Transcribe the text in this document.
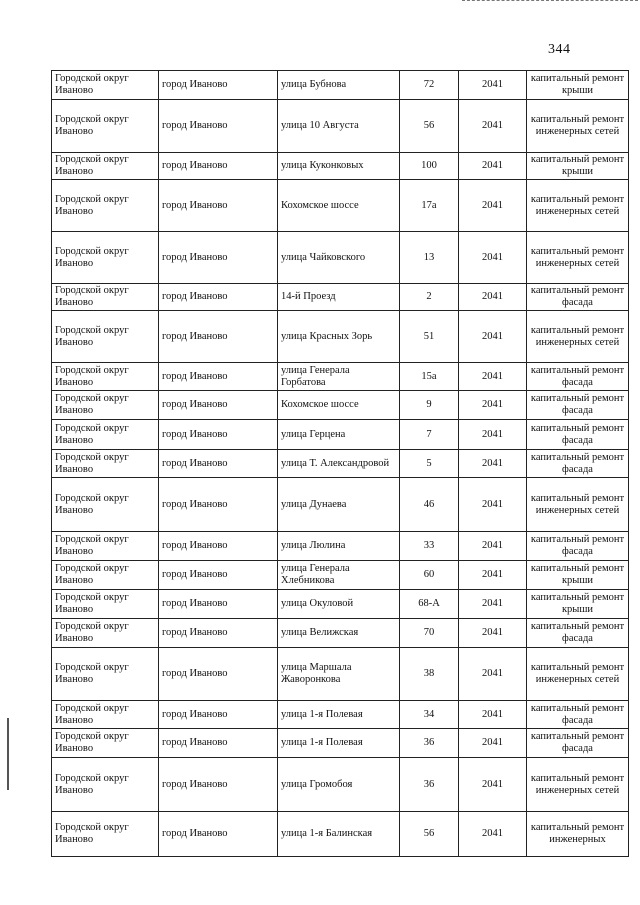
344
Городской округ Иваново	город Иваново	улица Бубнова	72	2041	капитальный ремонт крыши
Городской округ Иваново	город Иваново	улица 10 Августа	56	2041	капитальный ремонт инженерных сетей
Городской округ Иваново	город Иваново	улица Куконковых	100	2041	капитальный ремонт крыши
Городской округ Иваново	город Иваново	Кохомское шоссе	17а	2041	капитальный ремонт инженерных сетей
Городской округ Иваново	город Иваново	улица Чайковского	13	2041	капитальный ремонт инженерных сетей
Городской округ Иваново	город Иваново	14-й Проезд	2	2041	капитальный ремонт фасада
Городской округ Иваново	город Иваново	улица Красных Зорь	51	2041	капитальный ремонт инженерных сетей
Городской округ Иваново	город Иваново	улица Генерала Горбатова	15а	2041	капитальный ремонт фасада
Городской округ Иваново	город Иваново	Кохомское шоссе	9	2041	капитальный ремонт фасада
Городской округ Иваново	город Иваново	улица Герцена	7	2041	капитальный ремонт фасада
Городской округ Иваново	город Иваново	улица Т. Александровой	5	2041	капитальный ремонт фасада
Городской округ Иваново	город Иваново	улица Дунаева	46	2041	капитальный ремонт инженерных сетей
Городской округ Иваново	город Иваново	улица Люлина	33	2041	капитальный ремонт фасада
Городской округ Иваново	город Иваново	улица Генерала Хлебникова	60	2041	капитальный ремонт крыши
Городской округ Иваново	город Иваново	улица Окуловой	68-А	2041	капитальный ремонт крыши
Городской округ Иваново	город Иваново	улица Велижская	70	2041	капитальный ремонт фасада
Городской округ Иваново	город Иваново	улица Маршала Жаворонкова	38	2041	капитальный ремонт инженерных сетей
Городской округ Иваново	город Иваново	улица 1-я Полевая	34	2041	капитальный ремонт фасада
Городской округ Иваново	город Иваново	улица 1-я Полевая	36	2041	капитальный ремонт фасада
Городской округ Иваново	город Иваново	улица Громобоя	36	2041	капитальный ремонт инженерных сетей
Городской округ Иваново	город Иваново	улица 1-я Балинская	56	2041	капитальный ремонт инженерных
